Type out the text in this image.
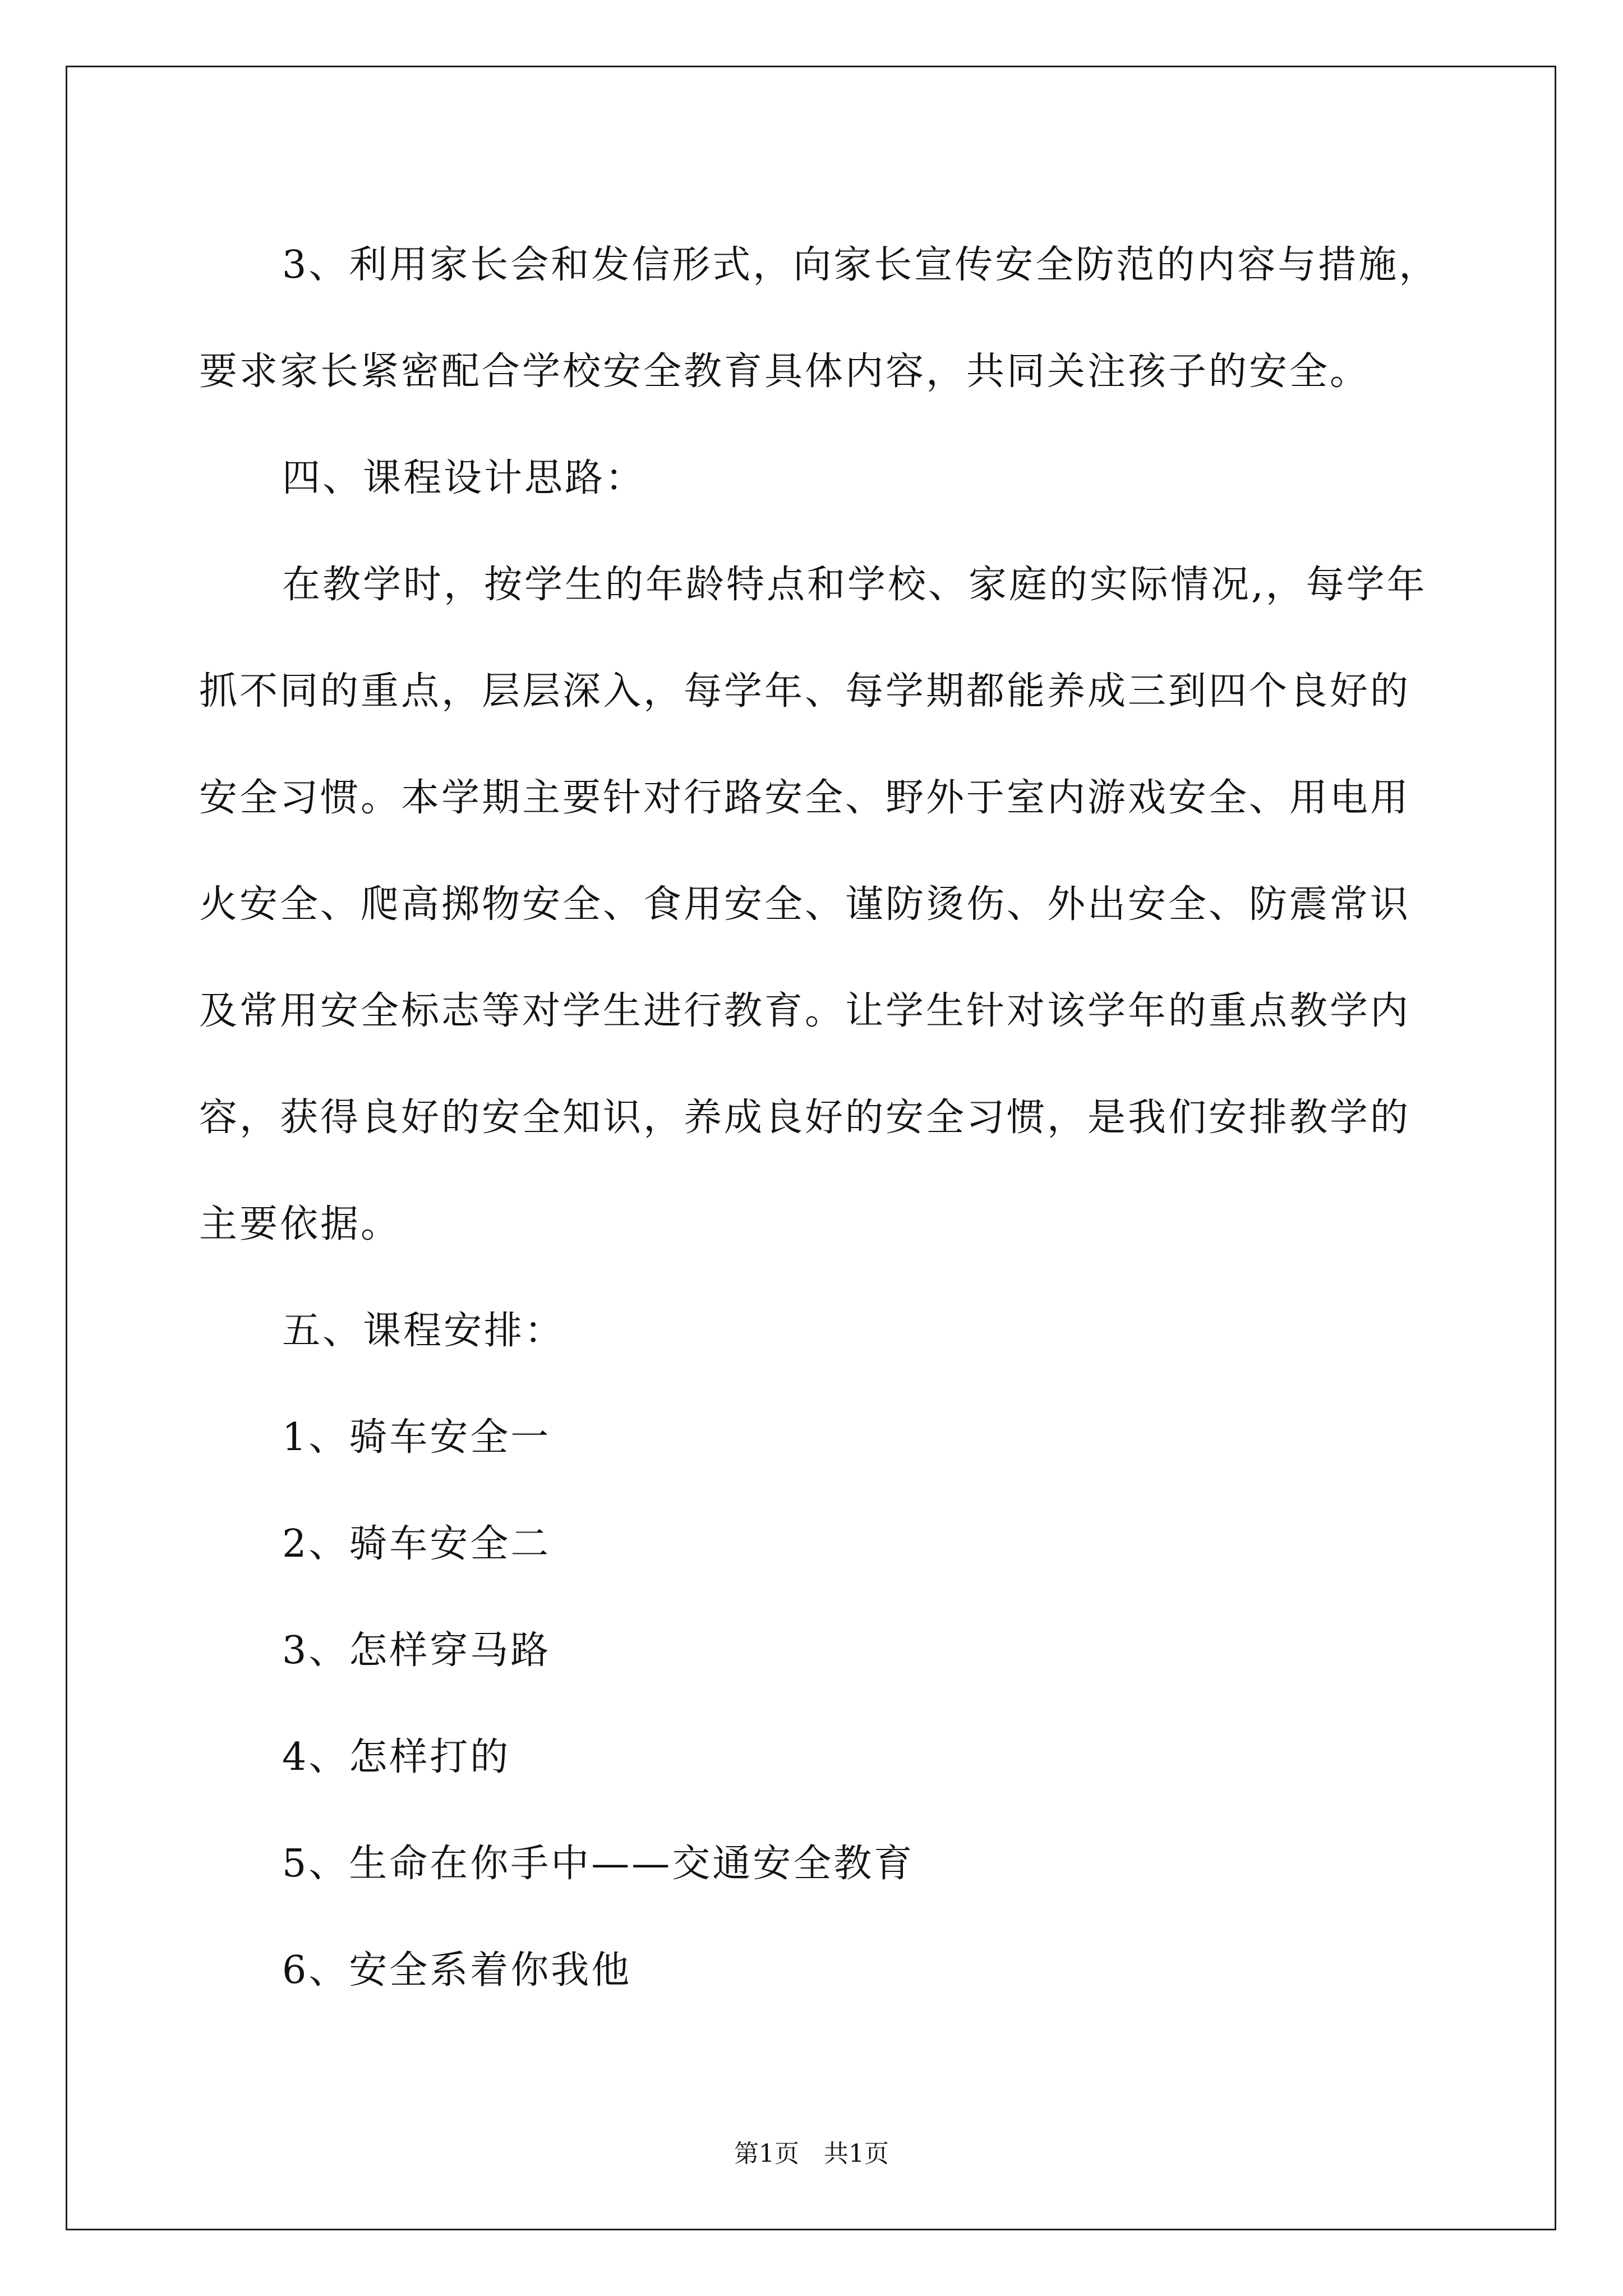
3、利用家长会和发信形式，向家长宣传安全防范的内容与措施，

要求家长紧密配合学校安全教育具体内容，共同关注孩子的安全。

四、课程设计思路：

在教学时，按学生的年龄特点和学校、家庭的实际情况,，每学年

抓不同的重点，层层深入，每学年、每学期都能养成三到四个良好的

安全习惯。本学期主要针对行路安全、野外于室内游戏安全、用电用

火安全、爬高掷物安全、食用安全、谨防烫伤、外出安全、防震常识

及常用安全标志等对学生进行教育。让学生针对该学年的重点教学内

容，获得良好的安全知识，养成良好的安全习惯，是我们安排教学的

主要依据。

五、课程安排：

1、骑车安全一

2、骑车安全二

3、怎样穿马路

4、怎样打的

5、生命在你手中——交通安全教育

6、安全系着你我他

第1页　共1页
